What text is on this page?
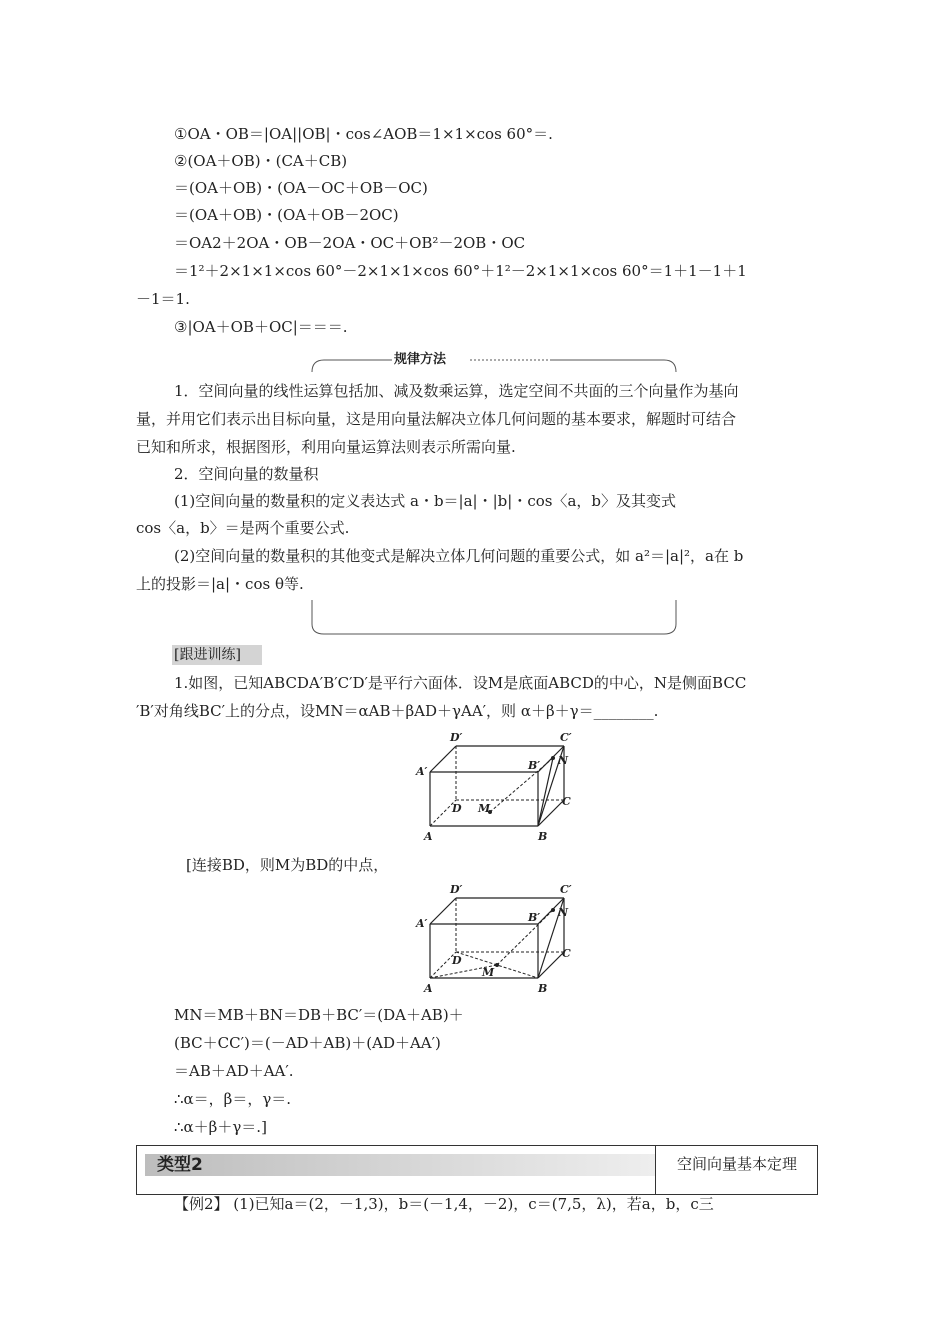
①OA・OB＝|OA||OB|・cos∠AOB＝1×1×cos 60°＝.
②(OA＋OB)・(CA＋CB)
＝(OA＋OB)・(OA－OC＋OB－OC)
＝(OA＋OB)・(OA＋OB－2OC)
＝OA2＋2OA・OB－2OA・OC＋OB²－2OB・OC
＝1²＋2×1×1×cos 60°－2×1×1×cos 60°＋1²－2×1×1×cos 60°＝1＋1－1＋1
－1＝1.
③|OA＋OB＋OC|＝＝＝.
规律方法
1．空间向量的线性运算包括加、减及数乘运算，选定空间不共面的三个向量作为基向
量，并用它们表示出目标向量，这是用向量法解决立体几何问题的基本要求，解题时可结合
已知和所求，根据图形，利用向量运算法则表示所需向量.
2．空间向量的数量积
(1)空间向量的数量积的定义表达式 a・b＝|a|・|b|・cos〈a，b〉及其变式
cos〈a，b〉＝是两个重要公式.
(2)空间向量的数量积的其他变式是解决立体几何问题的重要公式，如 a²＝|a|²，a在 b
上的投影＝|a|・cos θ等.
[跟进训练]
1.如图，已知ABCDA′B′C′D′是平行六面体．设M是底面ABCD的中心，N是侧面BCC
′B′对角线BC′上的分点，设MN＝αAB＋βAD＋γAA′，则 α＋β＋γ＝________.
D′	C′
A′	B′ N
D M
C
A	B
[连接BD，则M为BD的中点，
D′	C′
A′	B′ N
D
M
C
A	B
MN＝MB＋BN＝DB＋BC′＝(DA＋AB)＋
(BC＋CC′)＝(－AD＋AB)＋(AD＋AA′)
＝AB＋AD＋AA′.
∴α＝，β＝，γ＝.
∴α＋β＋γ＝.]
类型2	空间向量基本定理
【例2】 (1)已知a＝(2，－1,3)，b＝(－1,4，－2)，c＝(7,5，λ)，若a，b，c三
